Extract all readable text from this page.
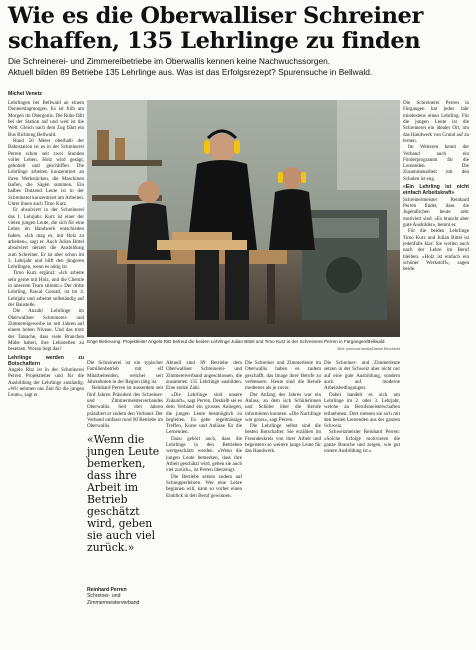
Wie es die Oberwalliser Schreiner schaffen, 135 Lehrlinge zu finden

Die Schreinerei- und Zimmereibetriebe im Oberwallis kennen keine Nachwuchssorgen.

Aktuell bilden 89 Betriebe 135 Lehrlinge aus. Was ist das Erfolgsrezept? Spurensuche in Bellwald.

Michel Venetz

Lehrlingen bei Bellwald an einem Donnerstagmorgen. Es ist früh am Morgen im Obergoms. Die Ruhe fällt bei der Station auf und weit ist die Welt. Gleich nach dem Zug fährt ein Bus Richtung Bellwald.

Rund 50 Meter oberhalb der Bahnstation ist es in der Schreinerei Perren schon seit zwei Stunden voller Leben. Holz wird gesägt, gehobelt und geschliffen. Die Lehrlinge arbeiten konzentriert an ihren Werkstücken, die Maschinen laufen, die Sägen summen. Ein halbes Dutzend Leute ist in der Schreinerei konzentriert am Arbeiten. Unter ihnen auch Timo Kurz.

Er absolviert in der Schreinerei das 1. Lehrjahr. Kurz ist einer der vielen jungen Leute, die sich für eine Lehre im Handwerk entschieden haben. «Ich mag es, mit Holz zu arbeiten», sagt er. Auch Julian Bittel absolviert derzeit die Ausbildung zum Schreiner. Er ist aber schon im 3. Lehrjahr und hilft den jüngeren Lehrlingen, wenn es nötig ist.

Timo Kurz ergänzt: «Ich arbeite sehr gerne mit Holz, und die Chemie in unserem Team stimmt.» Der dritte Lehrling, Pascal Gorsatt, ist im 4. Lehrjahr und arbeitet selbständig auf der Baustelle.

Die Anzahl Lehrlinge im Oberwalliser Schreinerei- und Zimmereigewerbe ist seit Jahren auf einem hohen Niveau. Und das trotz der Tatsache, dass viele Branchen Mühe haben, ihre Lehrstellen zu besetzen. Woran liegt das?

Lehrlinge werden zu Botschaftern

Angelo Ritz ist in der Schreinerei Perren Projektleiter und für die Ausbildung der Lehrlinge zuständig. «Wir nehmen uns Zeit für die jungen Leute», sagt er.

Enge Betreuung: Projektleiter Angelo Ritz betreut die beiden Lehrlinge Julian Bittel und Timo Kurz in der Schreinerei Perren in Fürgangen/Bellwald.
Bild: pomona.media/Daniel Berchtold

Die Schreinerei ist ein typischer Familienbetrieb mit elf Mitarbeitenden, welcher seit Jahrzehnten in der Region tätig ist.

Reinhard Perren ist ausserdem seit fünf Jahren Präsident des Schreiner- und Zimmermeisterverbandes Oberwallis. Seit drei Jahren präsidiert er zudem den Verband. Der Verband umfasst rund 90 Betriebe im Oberwallis.

«Wenn die jungen Leute bemerken, dass ihre Arbeit im Betrieb geschätzt wird, geben sie auch viel zurück.»
Reinhard Perren
Schreiner- und Zimmermeisterverband

Aktuell sind 89 Betriebe dem Oberwalliser Schreinerei- und Zimmereiverband angeschlossen, die zusammen 135 Lehrlinge ausbilden. Eine stolze Zahl.

«Die Lehrlinge sind unsere Zukunft», sagt Perren. Deshalb sei es dem Verband ein grosses Anliegen, die jungen Leute bestmöglich zu begleiten. Es gebe regelmässige Treffen, Kurse und Anlässe für die Lernenden.

Dazu gehört auch, dass die Lehrlinge in den Betrieben wertgeschätzt werden. «Wenn die jungen Leute bemerken, dass ihre Arbeit geschätzt wird, geben sie auch viel zurück», ist Perren überzeugt.

Die Betriebe setzen zudem auf Schnupperlehren. Wer eine Lehre beginnen will, kann so vorher einen Einblick in den Beruf gewinnen.

Die Schreiner und Zimmerleute im Oberwallis haben es zudem geschafft, das Image ihrer Berufe zu verbessern. Heute sind die Berufe moderner als je zuvor.

Der Anfang des Jahres war ein Anlass, an dem sich Schülerinnen und Schüler über die Berufe informieren konnten. «Die Nachfrage war gross», sagt Perren.

Die Lehrlinge selbst sind die besten Botschafter. Sie erzählen im Freundeskreis von ihrer Arbeit und begeistern so weitere junge Leute für das Handwerk.

Die Schreiner- und Zimmerleute setzen in der Schweiz aber nicht nur auf eine gute Ausbildung, sondern auch auf moderne Arbeitsbedingungen.

Dabei handelt es sich um Lehrlinge im 2. oder 3. Lehrjahr, welche an Berufsmeisterschaften teilnehmen. Dort messen sie sich mit den besten Lernenden aus der ganzen Schweiz.

Schweizmeister Reinhard Perren: «Solche Erfolge motivieren die ganze Branche und zeigen, wie gut unsere Ausbildung ist.»

Die Schreinerei Perren in Fürgangen hat jedes Jahr mindestens einen Lehrling. Für die jungen Leute ist die Schreinerei ein idealer Ort, um das Handwerk von Grund auf zu lernen.

Im Weiteren kennt der Verband auch ein Förderprogramm für die Lernenden. Die Zusammenarbeit mit den Schulen ist eng.

«Ein Lehrling ist nicht einfach Arbeitskraft»

Schreinermeister Reinhard Perren findet, dass die Jugendlichen heute sehr motiviert sind. «Es braucht aber gute Ausbilder», betont er.

Für die beiden Lehrlinge Timo Kurz und Julian Bittel ist jedenfalls klar: Sie wollen auch nach der Lehre im Beruf bleiben. «Holz ist einfach ein schöner Werkstoff», sagen beide.
